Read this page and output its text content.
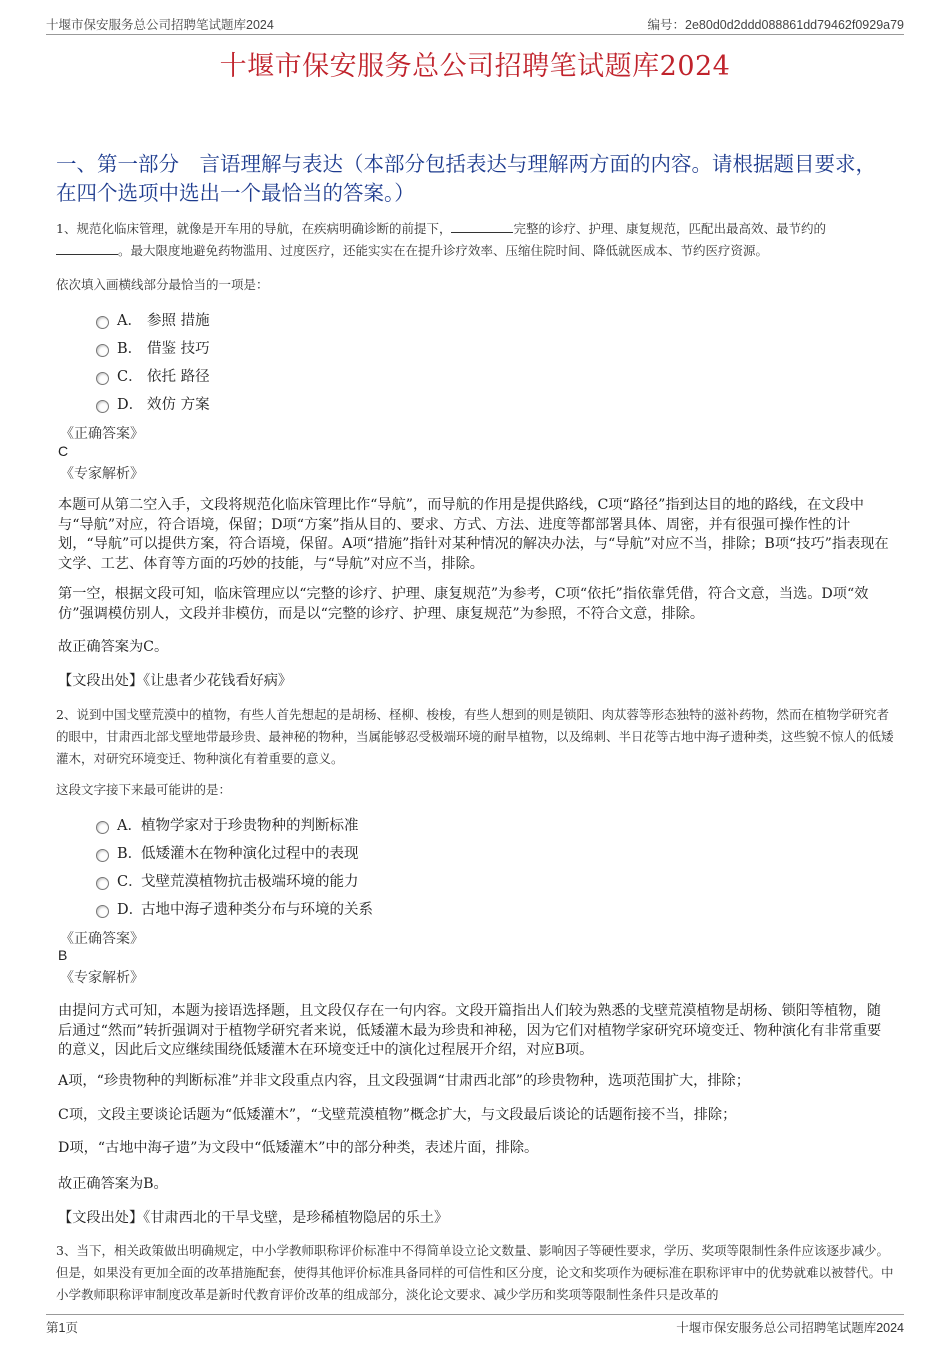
十堰市保安服务总公司招聘笔试题库2024	编号：2e80d0d2ddd088861dd79462f0929a79
十堰市保安服务总公司招聘笔试题库2024
一、第一部分　言语理解与表达（本部分包括表达与理解两方面的内容。请根据题目要求，在四个选项中选出一个最恰当的答案。）
1、规范化临床管理，就像是开车用的导航，在疾病明确诊断的前提下，	完整的诊疗、护理、康复规范，匹配出最高效、最节约的
。最大限度地避免药物滥用、过度医疗，还能实实在在提升诊疗效率、压缩住院时间、降低就医成本、节约医疗资源。
依次填入画横线部分最恰当的一项是：
A． 参照 措施
B． 借鉴 技巧
C． 依托 路径
D． 效仿 方案
《正确答案》
C
《专家解析》
本题可从第二空入手，文段将规范化临床管理比作“导航”，而导航的作用是提供路线，C项“路径”指到达目的地的路线，在文段中与“导航”对应，符合语境，保留；D项“方案”指从目的、要求、方式、方法、进度等都部署具体、周密，并有很强可操作性的计划，“导航”可以提供方案，符合语境，保留。A项“措施”指针对某种情况的解决办法，与“导航”对应不当，排除；B项“技巧”指表现在文学、工艺、体育等方面的巧妙的技能，与“导航”对应不当，排除。
第一空，根据文段可知，临床管理应以“完整的诊疗、护理、康复规范”为参考，C项“依托”指依靠凭借，符合文意，当选。D项“效仿”强调模仿别人，文段并非模仿，而是以“完整的诊疗、护理、康复规范”为参照，不符合文意，排除。
故正确答案为C。
【文段出处】《让患者少花钱看好病》
2、说到中国戈壁荒漠中的植物，有些人首先想起的是胡杨、柽柳、梭梭，有些人想到的则是锁阳、肉苁蓉等形态独特的滋补药物，然而在植物学研究者的眼中，甘肃西北部戈壁地带最珍贵、最神秘的物种，当属能够忍受极端环境的耐旱植物，以及绵刺、半日花等古地中海孑遗种类，这些貌不惊人的低矮灌木，对研究环境变迁、物种演化有着重要的意义。
这段文字接下来最可能讲的是：
A． 植物学家对于珍贵物种的判断标准
B．
低矮灌木在物种演化过程中的表现
C．
戈壁荒漠植物抗击极端环境的能力
D．
古地中海孑遗种类分布与环境的关系
《正确答案》
B
《专家解析》
由提问方式可知，本题为接语选择题，且文段仅存在一句内容。文段开篇指出人们较为熟悉的戈壁荒漠植物是胡杨、锁阳等植物，随后通过“然而”转折强调对于植物学研究者来说，低矮灌木最为珍贵和神秘，因为它们对植物学家研究环境变迁、物种演化有非常重要的意义，因此后文应继续围绕低矮灌木在环境变迁中的演化过程展开介绍，对应B项。
A项，“珍贵物种的判断标准”并非文段重点内容，且文段强调“甘肃西北部”的珍贵物种，选项范围扩大，排除；
C项，文段主要谈论话题为“低矮灌木”，“戈壁荒漠植物”概念扩大，与文段最后谈论的话题衔接不当，排除；
D项，“古地中海孑遗”为文段中“低矮灌木”中的部分种类，表述片面，排除。
故正确答案为B。
【文段出处】《甘肃西北的干旱戈壁，是珍稀植物隐居的乐土》
3、当下，相关政策做出明确规定，中小学教师职称评价标准中不得简单设立论文数量、影响因子等硬性要求，学历、奖项等限制性条件应该逐步减少。但是，如果没有更加全面的改革措施配套，使得其他评价标准具备同样的可信性和区分度，论文和奖项作为硬标准在职称评审中的优势就难以被替代。中小学教师职称评审制度改革是新时代教育评价改革的组成部分，淡化论文要求、减少学历和奖项等限制性条件只是改革的
第1页	十堰市保安服务总公司招聘笔试题库2024
